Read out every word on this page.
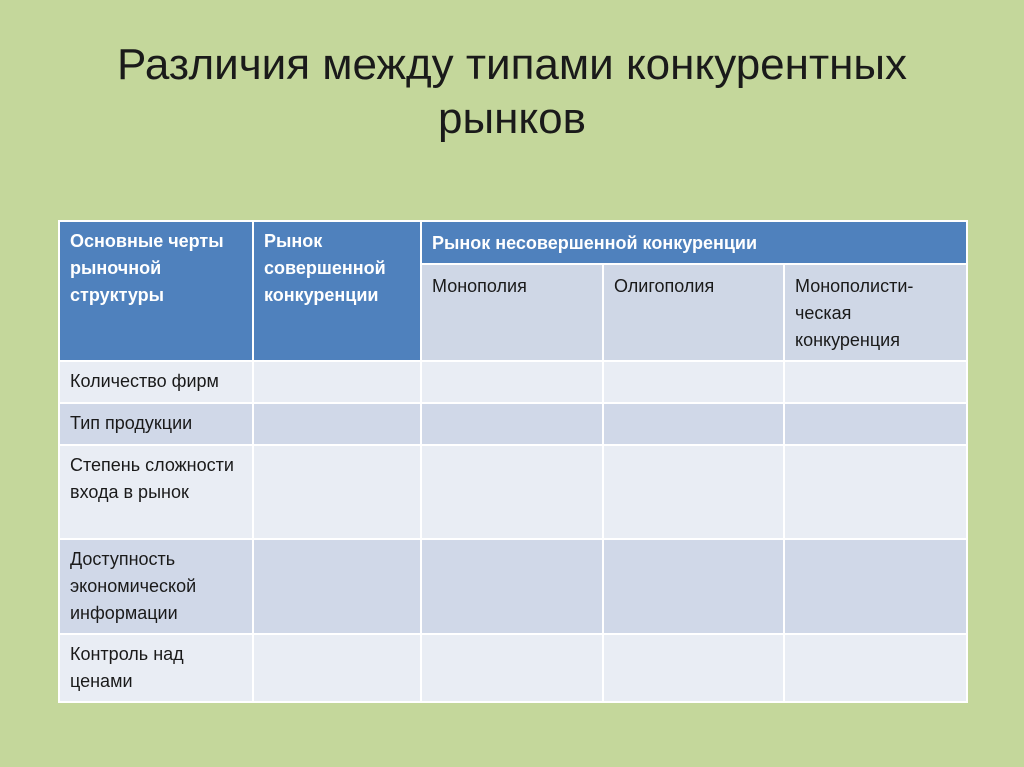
Различия между типами конкурентных рынков
Основные черты рыночной структуры	Рынок совершенной конкуренции	Рынок несовершенной конкуренции		
		Монополия	Олигополия	Монополисти-ческая конкуренция
Количество фирм				
Тип продукции				
Степень сложности входа в рынок				
Доступность экономической информации				
Контроль над ценами				
